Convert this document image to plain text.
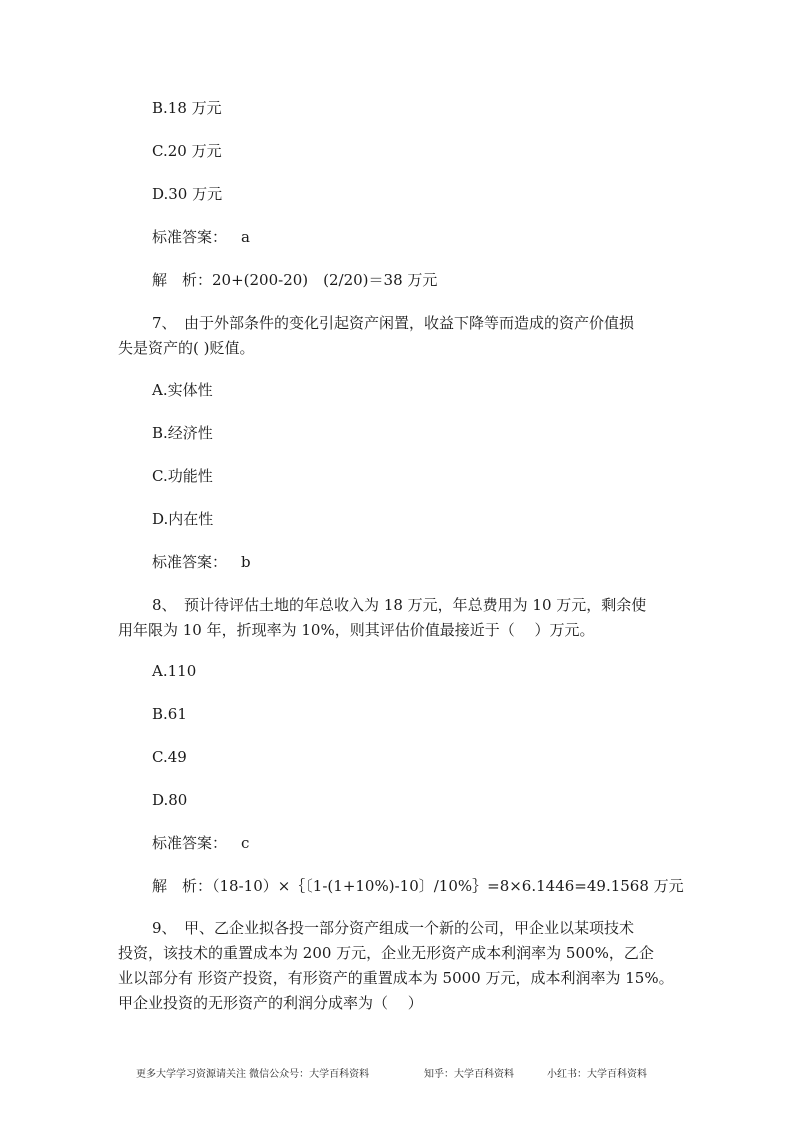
B.18 万元
C.20 万元
D.30 万元
标准答案： a
解　析：20+(200-20)　(2/20)＝38 万元
7、　由于外部条件的变化引起资产闲置，收益下降等而造成的资产价值损
失是资产的( )贬值。
A.实体性
B.经济性
C.功能性
D.内在性
标准答案： b
8、　预计待评估土地的年总收入为 18 万元，年总费用为 10 万元，剩余使
用年限为 10 年，折现率为 10%，则其评估价值最接近于（　 ）万元。
A.110
B.61
C.49
D.80
标准答案： c
解　析：（18-10）×｛〔1-(1+10%)-10〕/10%｝=8×6.1446=49.1568 万元
9、　甲、乙企业拟各投一部分资产组成一个新的公司，甲企业以某项技术
投资，该技术的重置成本为 200 万元，企业无形资产成本利润率为 500%，乙企
业以部分有 形资产投资，有形资产的重置成本为 5000 万元，成本利润率为 15%。
甲企业投资的无形资产的利润分成率为（　 ）
更多大学学习资源请关注 微信公众号：大学百科资料	知乎：大学百科资料	小红书：大学百科资料
